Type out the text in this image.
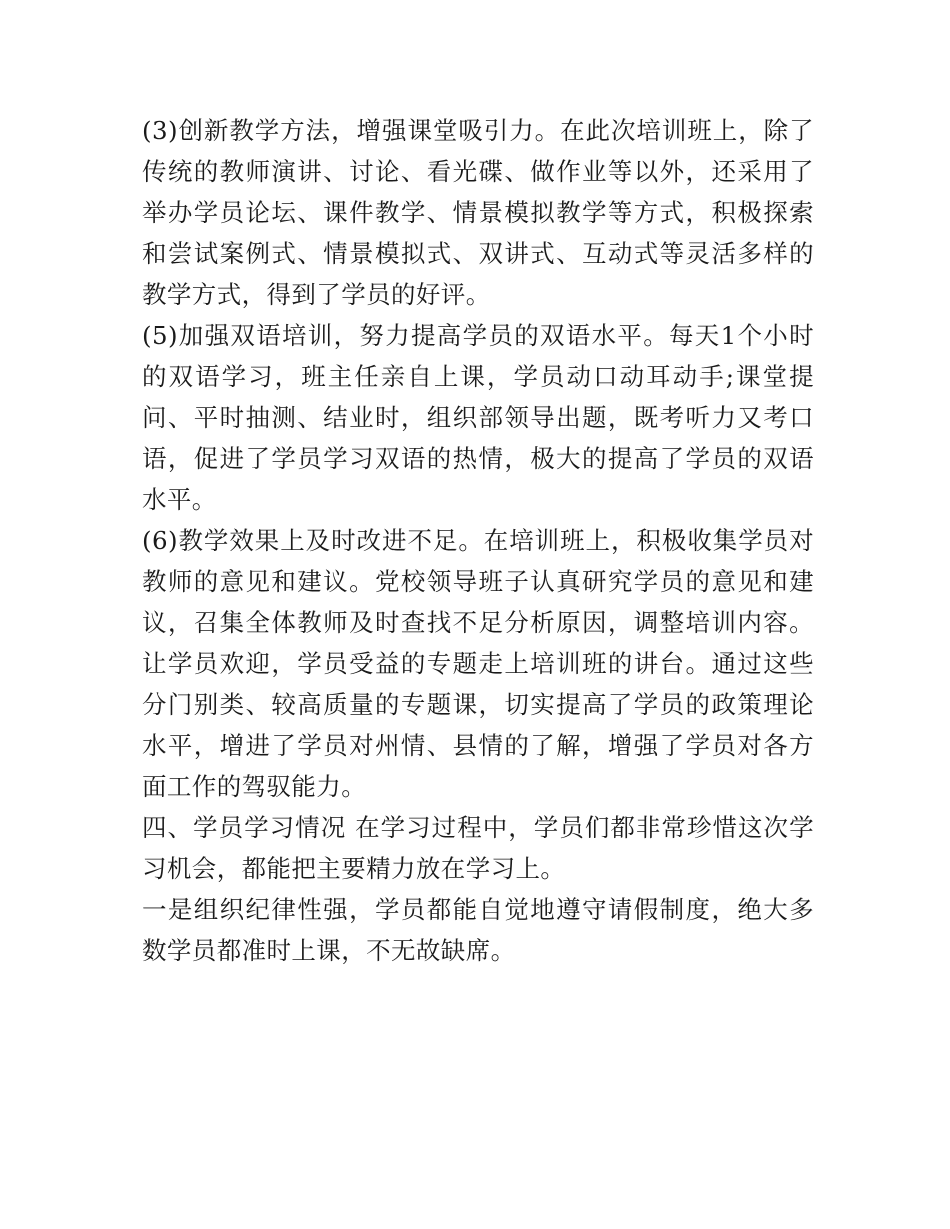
(3)创新教学方法，增强课堂吸引力。在此次培训班上，除了传统的教师演讲、讨论、看光碟、做作业等以外，还采用了举办学员论坛、课件教学、情景模拟教学等方式，积极探索和尝试案例式、情景模拟式、双讲式、互动式等灵活多样的教学方式，得到了学员的好评。

(5)加强双语培训，努力提高学员的双语水平。每天1个小时的双语学习，班主任亲自上课，学员动口动耳动手;课堂提问、平时抽测、结业时，组织部领导出题，既考听力又考口语，促进了学员学习双语的热情，极大的提高了学员的双语水平。

(6)教学效果上及时改进不足。在培训班上，积极收集学员对教师的意见和建议。党校领导班子认真研究学员的意见和建议，召集全体教师及时查找不足分析原因，调整培训内容。让学员欢迎，学员受益的专题走上培训班的讲台。通过这些分门别类、较高质量的专题课，切实提高了学员的政策理论水平，增进了学员对州情、县情的了解，增强了学员对各方面工作的驾驭能力。

四、学员学习情况 在学习过程中，学员们都非常珍惜这次学习机会，都能把主要精力放在学习上。

一是组织纪律性强，学员都能自觉地遵守请假制度，绝大多数学员都准时上课，不无故缺席。
